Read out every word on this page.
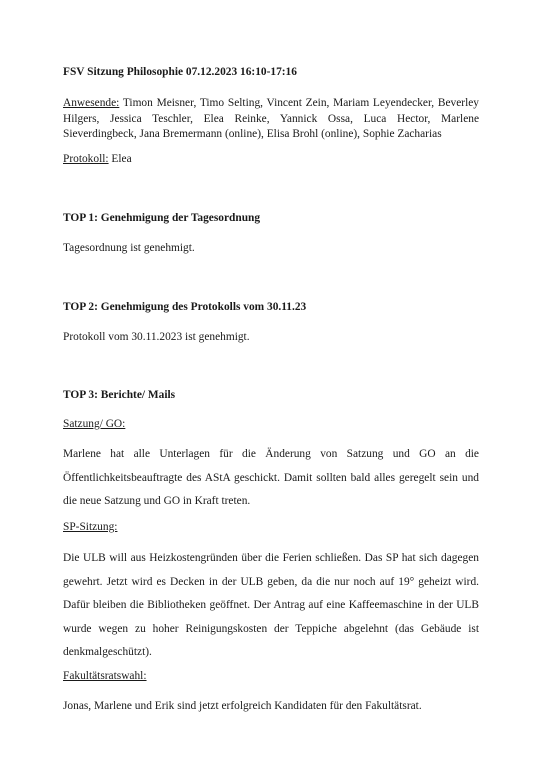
FSV Sitzung Philosophie 07.12.2023 16:10-17:16

Anwesende: Timon Meisner, Timo Selting, Vincent Zein, Mariam Leyendecker, Beverley Hilgers, Jessica Teschler, Elea Reinke, Yannick Ossa, Luca Hector, Marlene Sieverdingbeck, Jana Bremermann (online), Elisa Brohl (online), Sophie Zacharias

Protokoll: Elea

TOP 1: Genehmigung der Tagesordnung

Tagesordnung ist genehmigt.

TOP 2: Genehmigung des Protokolls vom 30.11.23

Protokoll vom 30.11.2023 ist genehmigt.

TOP 3: Berichte/ Mails

Satzung/ GO:

Marlene hat alle Unterlagen für die Änderung von Satzung und GO an die Öffentlichkeitsbeauftragte des AStA geschickt. Damit sollten bald alles geregelt sein und die neue Satzung und GO in Kraft treten.

SP-Sitzung:

Die ULB will aus Heizkostengründen über die Ferien schließen. Das SP hat sich dagegen gewehrt. Jetzt wird es Decken in der ULB geben, da die nur noch auf 19° geheizt wird. Dafür bleiben die Bibliotheken geöffnet. Der Antrag auf eine Kaffeemaschine in der ULB wurde wegen zu hoher Reinigungskosten der Teppiche abgelehnt (das Gebäude ist denkmalgeschützt).

Fakultätsratswahl:

Jonas, Marlene und Erik sind jetzt erfolgreich Kandidaten für den Fakultätsrat.
